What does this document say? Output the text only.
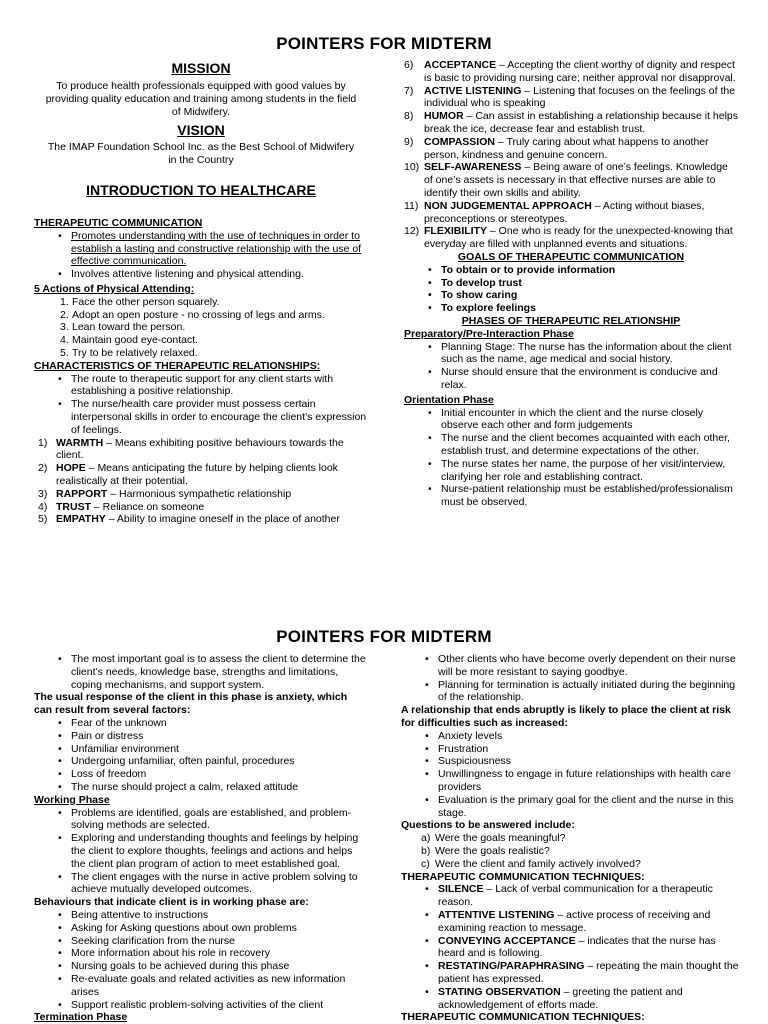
POINTERS FOR MIDTERM
MISSION
To produce health professionals equipped with good values by providing quality education and training among students in the field of Midwifery.
VISION
The IMAP Foundation School Inc. as the Best School of Midwifery in the Country
INTRODUCTION TO HEALTHCARE
THERAPEUTIC COMMUNICATION
• Promotes understanding with the use of techniques in order to establish a lasting and constructive relationship with the use of effective communication.
• Involves attentive listening and physical attending.
5 Actions of Physical Attending:
1. Face the other person squarely.
2. Adopt an open posture - no crossing of legs and arms.
3. Lean toward the person.
4. Maintain good eye-contact.
5. Try to be relatively relaxed.
CHARACTERISTICS OF THERAPEUTIC RELATIONSHIPS:
• The route to therapeutic support for any client starts with establishing a positive relationship.
• The nurse/health care provider must possess certain interpersonal skills in order to encourage the client’s expression of feelings.
1) WARMTH – Means exhibiting positive behaviours towards the client.
2) HOPE – Means anticipating the future by helping clients look realistically at their potential.
3) RAPPORT – Harmonious sympathetic relationship
4) TRUST – Reliance on someone
5) EMPATHY – Ability to imagine oneself in the place of another
6) ACCEPTANCE – Accepting the client worthy of dignity and respect is basic to providing nursing care; neither approval nor disapproval.
7) ACTIVE LISTENING – Listening that focuses on the feelings of the individual who is speaking
8) HUMOR – Can assist in establishing a relationship because it helps break the ice, decrease fear and establish trust.
9) COMPASSION – Truly caring about what happens to another person, kindness and genuine concern.
10) SELF-AWARENESS – Being aware of one’s feelings. Knowledge of one’s assets is necessary in that effective nurses are able to identify their own skills and ability.
11) NON JUDGEMENTAL APPROACH – Acting without biases, preconceptions or stereotypes.
12) FLEXIBILITY – One who is ready for the unexpected-knowing that everyday are filled with unplanned events and situations.
GOALS OF THERAPEUTIC COMMUNICATION
• To obtain or to provide information
• To develop trust
• To show caring
• To explore feelings
PHASES OF THERAPEUTIC RELATIONSHIP
Preparatory/Pre-Interaction Phase
• Planning Stage: The nurse has the information about the client such as the name, age medical and social history.
• Nurse should ensure that the environment is conducive and relax.
Orientation Phase
• Initial encounter in which the client and the nurse closely observe each other and form judgements
• The nurse and the client becomes acquainted with each other, establish trust, and determine expectations of the other.
• The nurse states her name, the purpose of her visit/interview, clarifying her role and establishing contract.
• Nurse-patient relationship must be established/professionalism must be observed.
POINTERS FOR MIDTERM
• The most important goal is to assess the client to determine the client’s needs, knowledge base, strengths and limitations, coping mechanisms, and support system.
The usual response of the client in this phase is anxiety, which can result from several factors:
• Fear of the unknown
• Pain or distress
• Unfamiliar environment
• Undergoing unfamiliar, often painful, procedures
• Loss of freedom
• The nurse should project a calm, relaxed attitude
Working Phase
• Problems are identified, goals are established, and problem-solving methods are selected.
• Exploring and understanding thoughts and feelings by helping the client to explore thoughts, feelings and actions and helps the client plan program of action to meet established goal.
• The client engages with the nurse in active problem solving to achieve mutually developed outcomes.
Behaviours that indicate client is in working phase are:
• Being attentive to instructions
• Asking for Asking questions about own problems
• Seeking clarification from the nurse
• More information about his role in recovery
• Nursing goals to be achieved during this phase
• Re-evaluate goals and related activities as new information arises
• Support realistic problem-solving activities of the client
Termination Phase
• Other clients who have become overly dependent on their nurse will be more resistant to saying goodbye.
• Planning for termination is actually initiated during the beginning of the relationship.
A relationship that ends abruptly is likely to place the client at risk for difficulties such as increased:
• Anxiety levels
• Frustration
• Suspiciousness
• Unwillingness to engage in future relationships with health care providers
• Evaluation is the primary goal for the client and the nurse in this stage.
Questions to be answered include:
a) Were the goals meaningful?
b) Were the goals realistic?
c) Were the client and family actively involved?
THERAPEUTIC COMMUNICATION TECHNIQUES:
• SILENCE – Lack of verbal communication for a therapeutic reason.
• ATTENTIVE LISTENING – active process of receiving and examining reaction to message.
• CONVEYING ACCEPTANCE – indicates that the nurse has heard and is following.
• RESTATING/PARAPHRASING – repeating the main thought the patient has expressed.
• STATING OBSERVATION – greeting the patient and acknowledgement of efforts made.
THERAPEUTIC COMMUNICATION TECHNIQUES:
